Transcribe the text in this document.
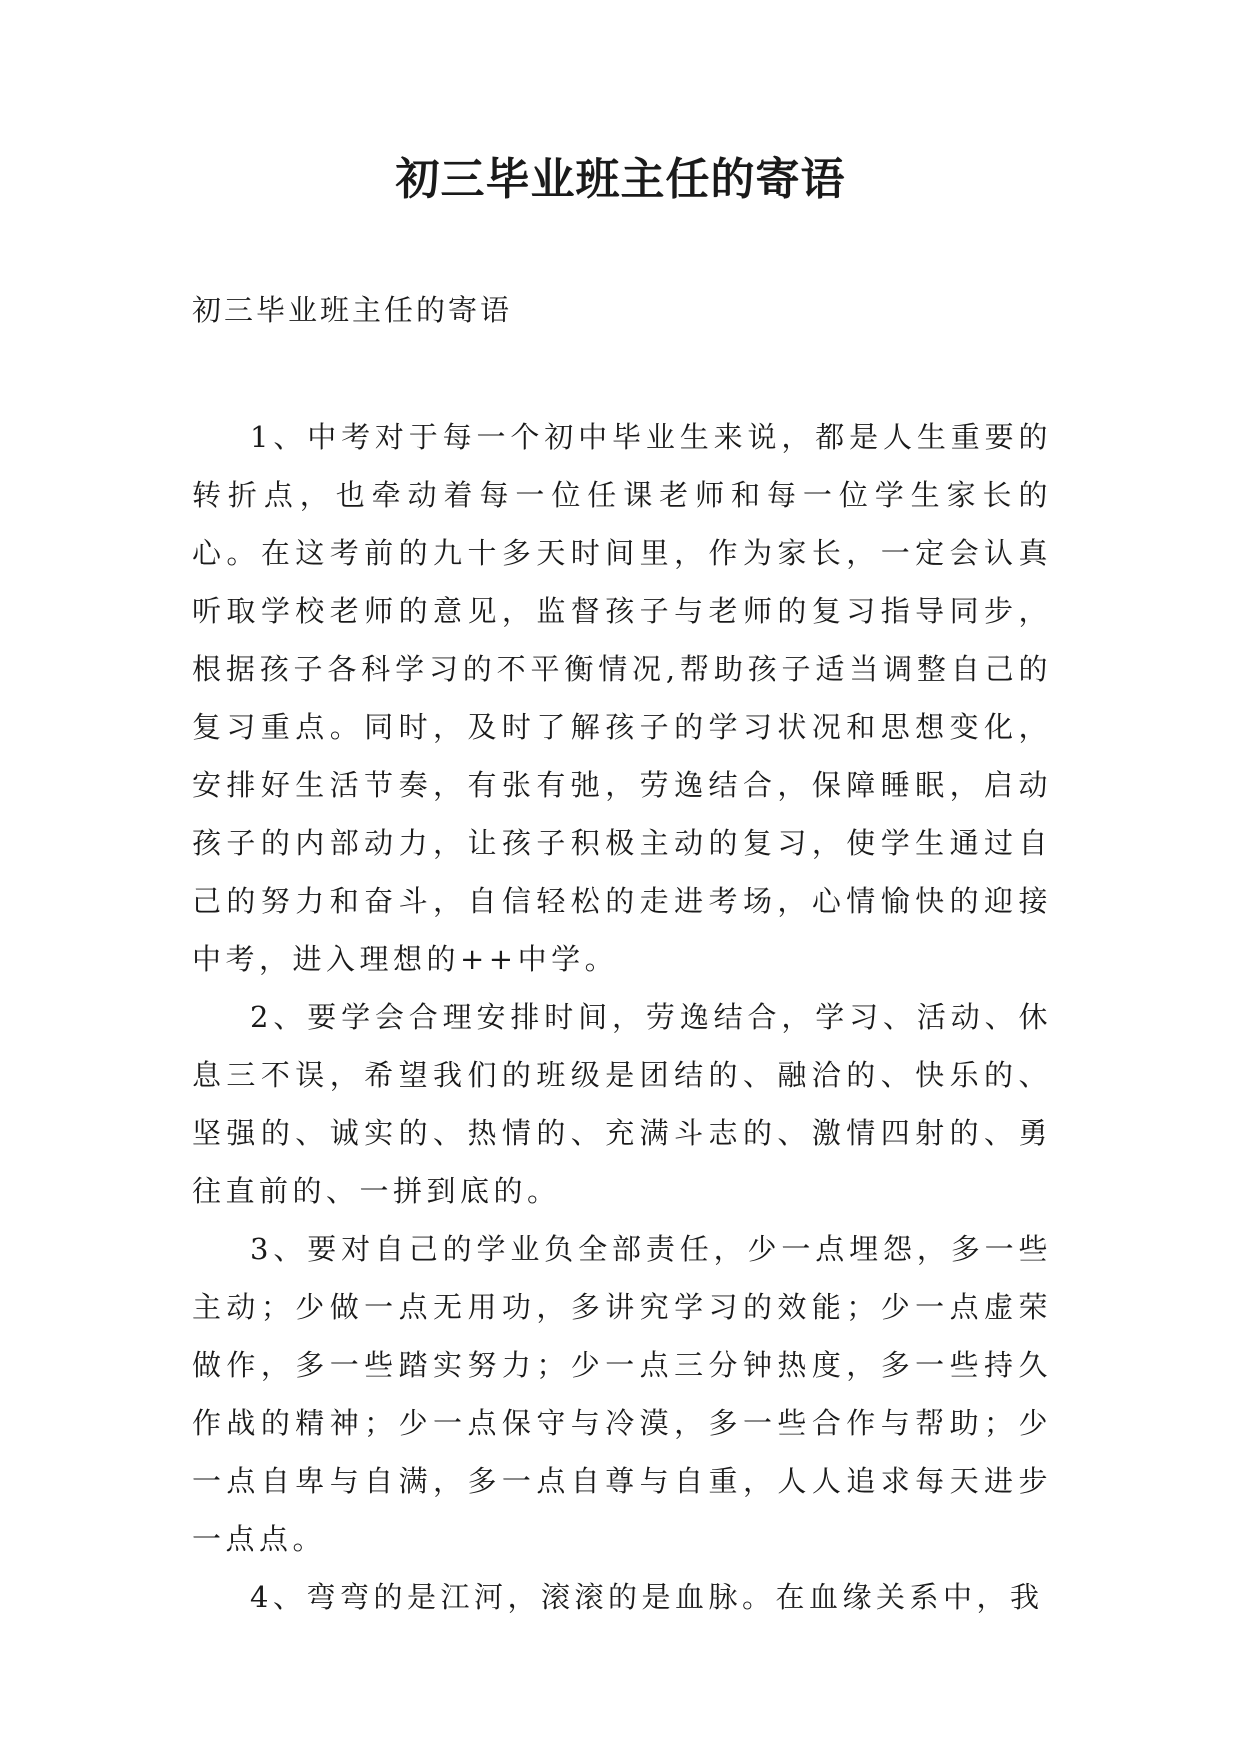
初三毕业班主任的寄语

初三毕业班主任的寄语

1、中考对于每一个初中毕业生来说，都是人生重要的转折点，也牵动着每一位任课老师和每一位学生家长的心。在这考前的九十多天时间里，作为家长，一定会认真听取学校老师的意见，监督孩子与老师的复习指导同步，根据孩子各科学习的不平衡情况,帮助孩子适当调整自己的复习重点。同时，及时了解孩子的学习状况和思想变化，安排好生活节奏，有张有弛，劳逸结合，保障睡眠，启动孩子的内部动力，让孩子积极主动的复习，使学生通过自己的努力和奋斗，自信轻松的走进考场，心情愉快的迎接中考，进入理想的++中学。

2、要学会合理安排时间，劳逸结合，学习、活动、休息三不误，希望我们的班级是团结的、融洽的、快乐的、坚强的、诚实的、热情的、充满斗志的、激情四射的、勇往直前的、一拼到底的。

3、要对自己的学业负全部责任，少一点埋怨，多一些主动；少做一点无用功，多讲究学习的效能；少一点虚荣做作，多一些踏实努力；少一点三分钟热度，多一些持久作战的精神；少一点保守与冷漠，多一些合作与帮助；少一点自卑与自满，多一点自尊与自重，人人追求每天进步一点点。

4、弯弯的是江河，滚滚的是血脉。在血缘关系中，我
